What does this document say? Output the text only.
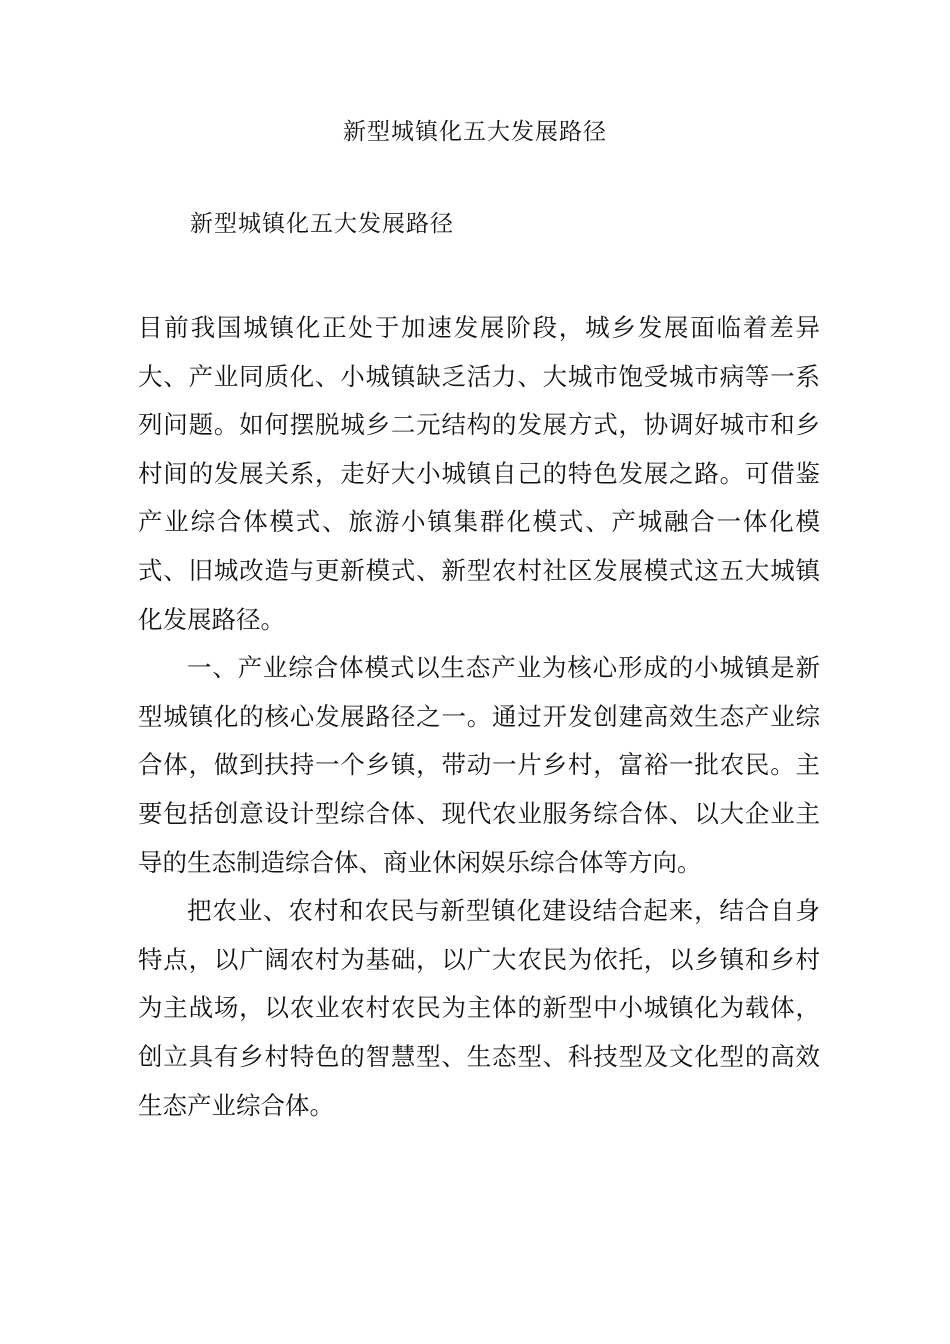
新型城镇化五大发展路径
新型城镇化五大发展路径

目前我国城镇化正处于加速发展阶段，城乡发展面临着差异大、产业同质化、小城镇缺乏活力、大城市饱受城市病等一系列问题。如何摆脱城乡二元结构的发展方式，协调好城市和乡村间的发展关系，走好大小城镇自己的特色发展之路。可借鉴产业综合体模式、旅游小镇集群化模式、产城融合一体化模式、旧城改造与更新模式、新型农村社区发展模式这五大城镇化发展路径。

一、产业综合体模式以生态产业为核心形成的小城镇是新型城镇化的核心发展路径之一。通过开发创建高效生态产业综合体，做到扶持一个乡镇，带动一片乡村，富裕一批农民。主要包括创意设计型综合体、现代农业服务综合体、以大企业主导的生态制造综合体、商业休闲娱乐综合体等方向。

把农业、农村和农民与新型镇化建设结合起来，结合自身特点，以广阔农村为基础，以广大农民为依托，以乡镇和乡村为主战场，以农业农村农民为主体的新型中小城镇化为载体，创立具有乡村特色的智慧型、生态型、科技型及文化型的高效生态产业综合体。
